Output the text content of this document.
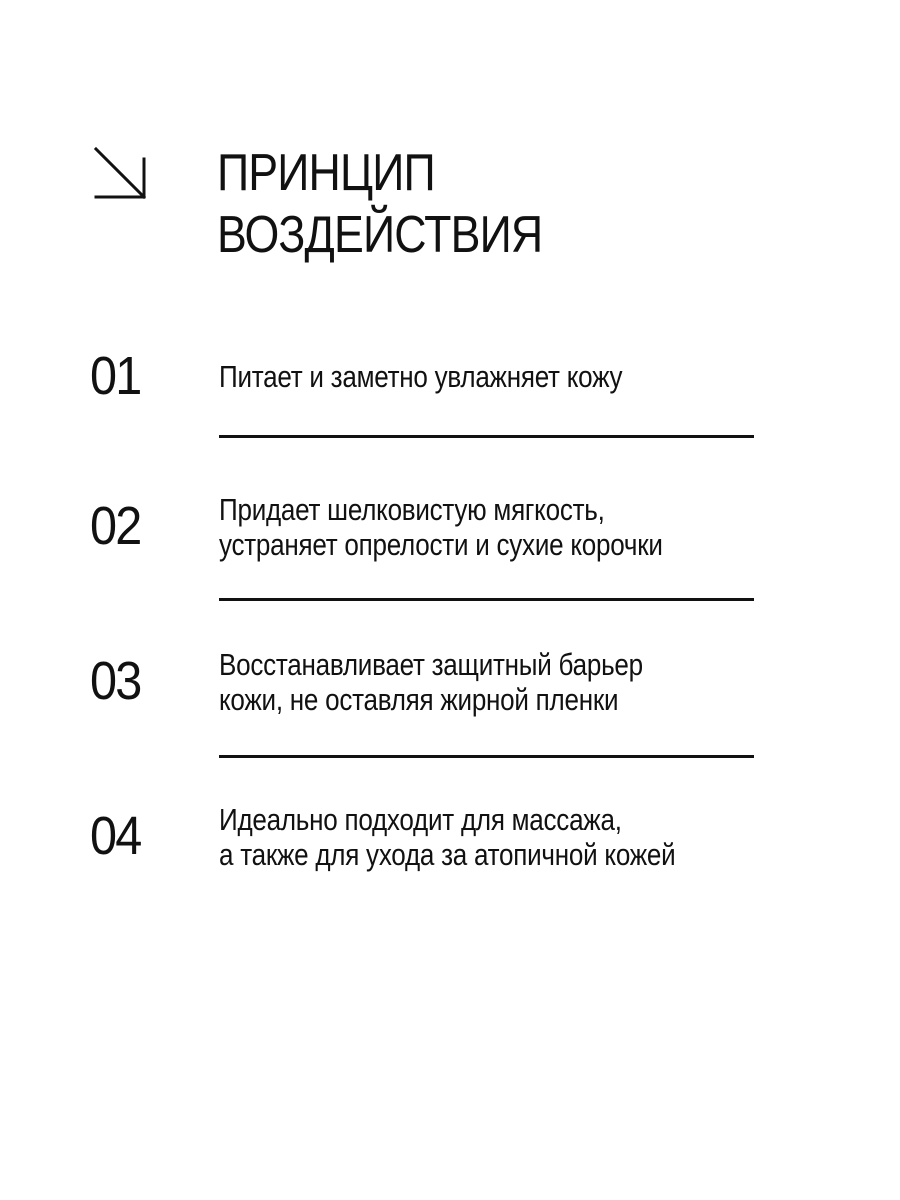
ПРИНЦИП
ВОЗДЕЙСТВИЯ
01	Питает и заметно увлажняет кожу

02	Придает шелковистую мягкость,
устраняет опрелости и сухие корочки

03	Восстанавливает защитный барьер
кожи, не оставляя жирной пленки

04	Идеально подходит для массажа,
а также для ухода за атопичной кожей
